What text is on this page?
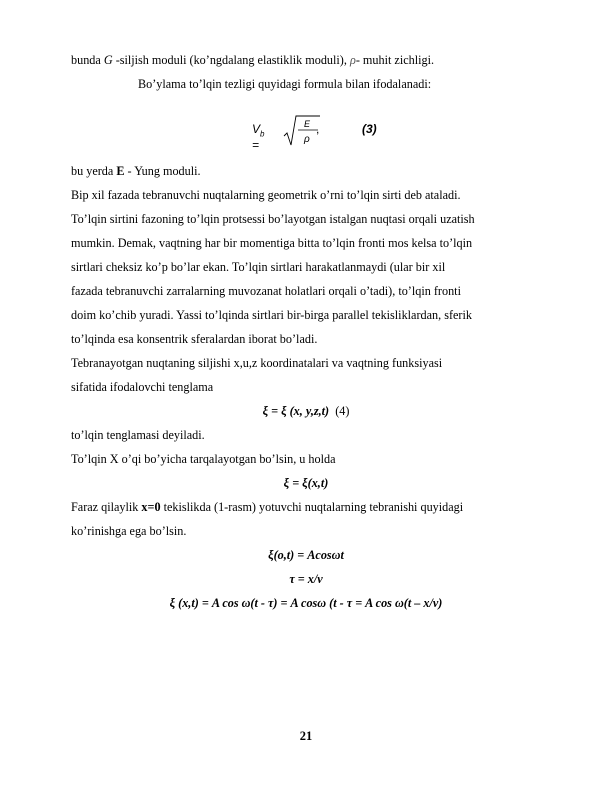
bunda G -siljish moduli (ko’ngdalang elastiklik moduli), ρ- muhit zichligi.
Bo’ylama to’lqin tezligi quyidagi formula bilan ifodalanadi:
$V_b$ =
E
ρ
,	(3)
bu yerda E - Yung moduli.
Bip xil fazada tebranuvchi nuqtalarning geometrik o’rni to’lqin sirti deb ataladi.
To’lqin sirtini fazoning to’lqin protsessi bo’layotgan istalgan nuqtasi orqali uzatish
mumkin. Demak, vaqtning har bir momentiga bitta to’lqin fronti mos kelsa to’lqin
sirtlari cheksiz ko’p bo’lar ekan. To’lqin sirtlari harakatlanmaydi (ular bir xil
fazada tebranuvchi zarralarning muvozanat holatlari orqali o’tadi), to’lqin fronti
doim ko’chib yuradi. Yassi to’lqinda sirtlari bir-birga parallel tekisliklardan, sferik
to’lqinda esa konsentrik sferalardan iborat bo’ladi.
Tebranayotgan nuqtaning siljishi x,u,z koordinatalari va vaqtning funksiyasi
sifatida ifodalovchi tenglama
ξ = ξ (x, y,z,t) (4)
to’lqin tenglamasi deyiladi.
To’lqin X o’qi bo’yicha tarqalayotgan bo’lsin, u holda
ξ = ξ(x,t)
Faraz qilaylik x=0 tekislikda (1-rasm) yotuvchi nuqtalarning tebranishi quyidagi
ko’rinishga ega bo’lsin.
ξ(o,t) = Acosωt
τ = x/v
ξ (x,t) = A cos ω(t - τ) = A cosω (t - τ = A cos ω(t – x/v)
21
